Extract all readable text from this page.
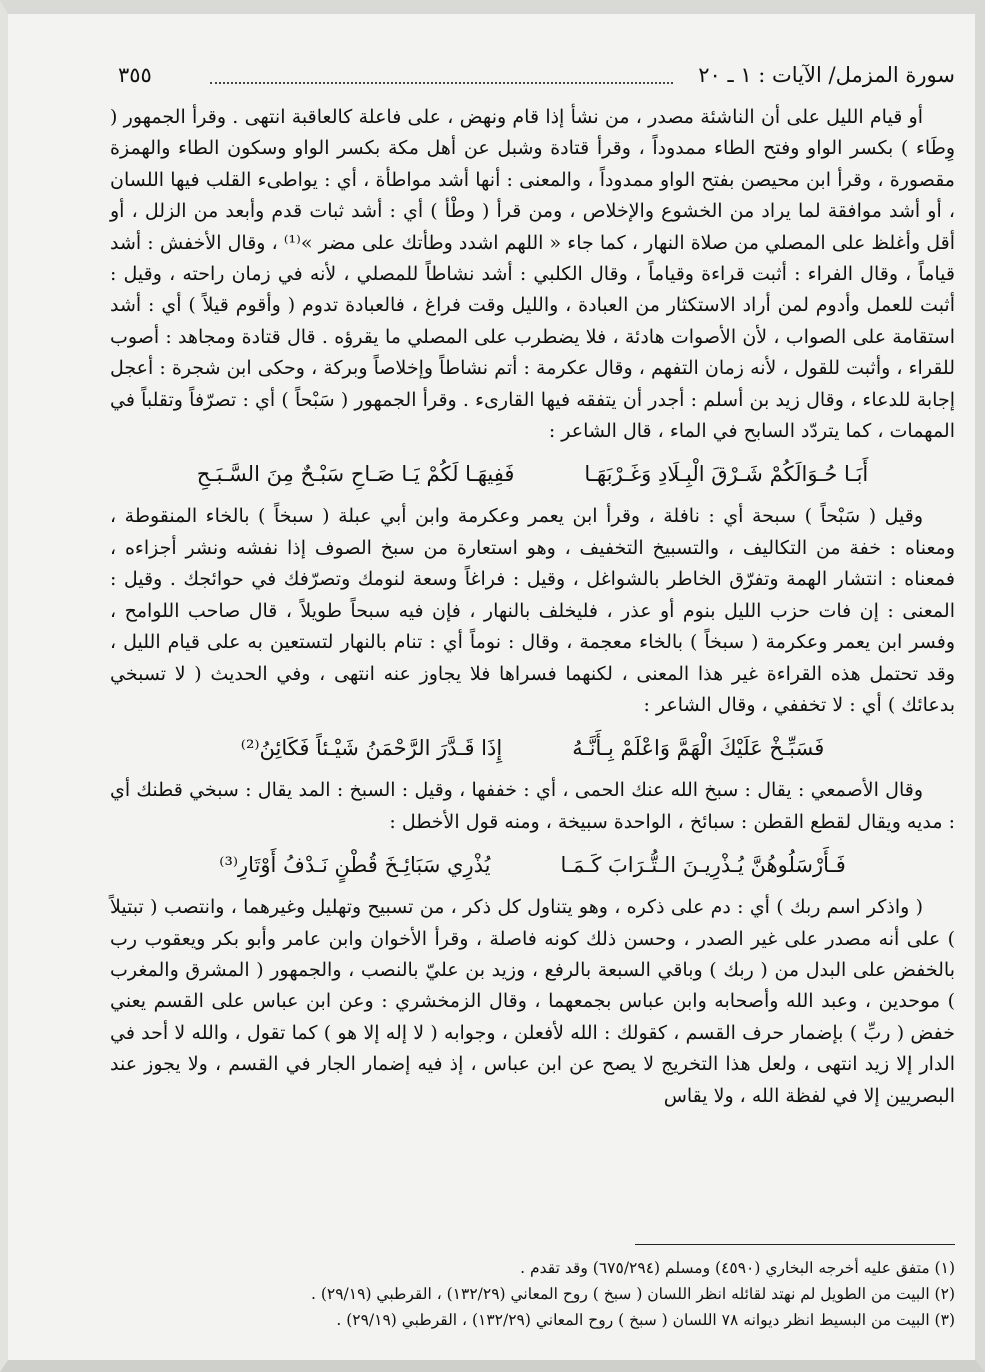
سورة المزمل/ الآيات : ١ ـ ٢٠
٣٥٥

أو قيام الليل على أن الناشئة مصدر ، من نشأ إذا قام ونهض ، على فاعلة كالعاقبة انتهى . وقرأ الجمهور ( وِطَاء ) بكسر الواو وفتح الطاء ممدوداً ، وقرأ قتادة وشبل عن أهل مكة بكسر الواو وسكون الطاء والهمزة مقصورة ، وقرأ ابن محيصن بفتح الواو ممدوداً ، والمعنى : أنها أشد مواطأة ، أي : يواطىء القلب فيها اللسان ، أو أشد موافقة لما يراد من الخشوع والإخلاص ، ومن قرأ ( وطْأ ) أي : أشد ثبات قدم وأبعد من الزلل ، أو أقل وأغلظ على المصلي من صلاة النهار ، كما جاء « اللهم اشدد وطأتك على مضر »⁽¹⁾ ، وقال الأخفش : أشد قياماً ، وقال الفراء : أثبت قراءة وقياماً ، وقال الكلبي : أشد نشاطاً للمصلي ، لأنه في زمان راحته ، وقيل : أثبت للعمل وأدوم لمن أراد الاستكثار من العبادة ، والليل وقت فراغ ، فالعبادة تدوم ( وأقوم قيلاً ) أي : أشد استقامة على الصواب ، لأن الأصوات هادئة ، فلا يضطرب على المصلي ما يقرؤه . قال قتادة ومجاهد : أصوب للقراء ، وأثبت للقول ، لأنه زمان التفهم ، وقال عكرمة : أتم نشاطاً وإخلاصاً وبركة ، وحكى ابن شجرة : أعجل إجابة للدعاء ، وقال زيد بن أسلم : أجدر أن يتفقه فيها القارىء . وقرأ الجمهور ( سَبْحاً ) أي : تصرّفاً وتقلباً في المهمات ، كما يتردّد السابح في الماء ، قال الشاعر :

أَبَـا حُـوَالَكُمْ شَـرْقَ الْبِـلَادِ وَغَـرْبَهَـا
فَفِيهَـا لَكُمْ يَـا صَـاحِ سَبْـحٌ مِنَ السَّـبَـحِ

وقيل ( سَبْحاً ) سبحة أي : نافلة ، وقرأ ابن يعمر وعكرمة وابن أبي عبلة ( سبخاً ) بالخاء المنقوطة ، ومعناه : خفة من التكاليف ، والتسبيخ التخفيف ، وهو استعارة من سبخ الصوف إذا نفشه ونشر أجزاءه ، فمعناه : انتشار الهمة وتفرّق الخاطر بالشواغل ، وقيل : فراغاً وسعة لنومك وتصرّفك في حوائجك . وقيل : المعنى : إن فات حزب الليل بنوم أو عذر ، فليخلف بالنهار ، فإن فيه سبحاً طويلاً ، قال صاحب اللوامح ، وفسر ابن يعمر وعكرمة ( سبخاً ) بالخاء معجمة ، وقال : نوماً أي : تنام بالنهار لتستعين به على قيام الليل ، وقد تحتمل هذه القراءة غير هذا المعنى ، لكنهما فسراها فلا يجاوز عنه انتهى ، وفي الحديث ( لا تسبخي بدعائك ) أي : لا تخففي ، وقال الشاعر :

فَسَبِّـخْ عَلَيْكَ الْهَمَّ وَاعْلَمْ بِـأَنَّـهُ
إِذَا قَـدَّرَ الرَّحْمَنُ شَيْـئاً فَكَائِنُ⁽²⁾

وقال الأصمعي : يقال : سبخ الله عنك الحمى ، أي : خففها ، وقيل : السبخ : المد يقال : سبخي قطنك أي : مديه ويقال لقطع القطن : سبائخ ، الواحدة سبيخة ، ومنه قول الأخطل :

فَـأَرْسَلُوهُنَّ يُـذْرِيـنَ الـتُّـرَابَ كَـمَـا
يُذْرِي سَبَائِـخَ قُطْنٍ نَـدْفُ أَوْتَارِ⁽³⁾

( واذكر اسم ربك ) أي : دم على ذكره ، وهو يتناول كل ذكر ، من تسبيح وتهليل وغيرهما ، وانتصب ( تبتيلاً ) على أنه مصدر على غير الصدر ، وحسن ذلك كونه فاصلة ، وقرأ الأخوان وابن عامر وأبو بكر ويعقوب رب بالخفض على البدل من ( ربك ) وباقي السبعة بالرفع ، وزيد بن عليّ بالنصب ، والجمهور ( المشرق والمغرب ) موحدين ، وعبد الله وأصحابه وابن عباس بجمعهما ، وقال الزمخشري : وعن ابن عباس على القسم يعني خفض ( ربِّ ) بإضمار حرف القسم ، كقولك : الله لأفعلن ، وجوابه ( لا إله إلا هو ) كما تقول ، والله لا أحد في الدار إلا زيد انتهى ، ولعل هذا التخريج لا يصح عن ابن عباس ، إذ فيه إضمار الجار في القسم ، ولا يجوز عند البصريين إلا في لفظة الله ، ولا يقاس

(١) متفق عليه أخرجه البخاري (٤٥٩٠) ومسلم (٦٧٥/٢٩٤) وقد تقدم .
(٢) البيت من الطويل لم نهتد لقائله انظر اللسان ( سبخ ) روح المعاني (١٣٢/٢٩) ، القرطبي (٢٩/١٩) .
(٣) البيت من البسيط انظر ديوانه ٧٨ اللسان ( سبخ ) روح المعاني (١٣٢/٢٩) ، القرطبي (٢٩/١٩) .
